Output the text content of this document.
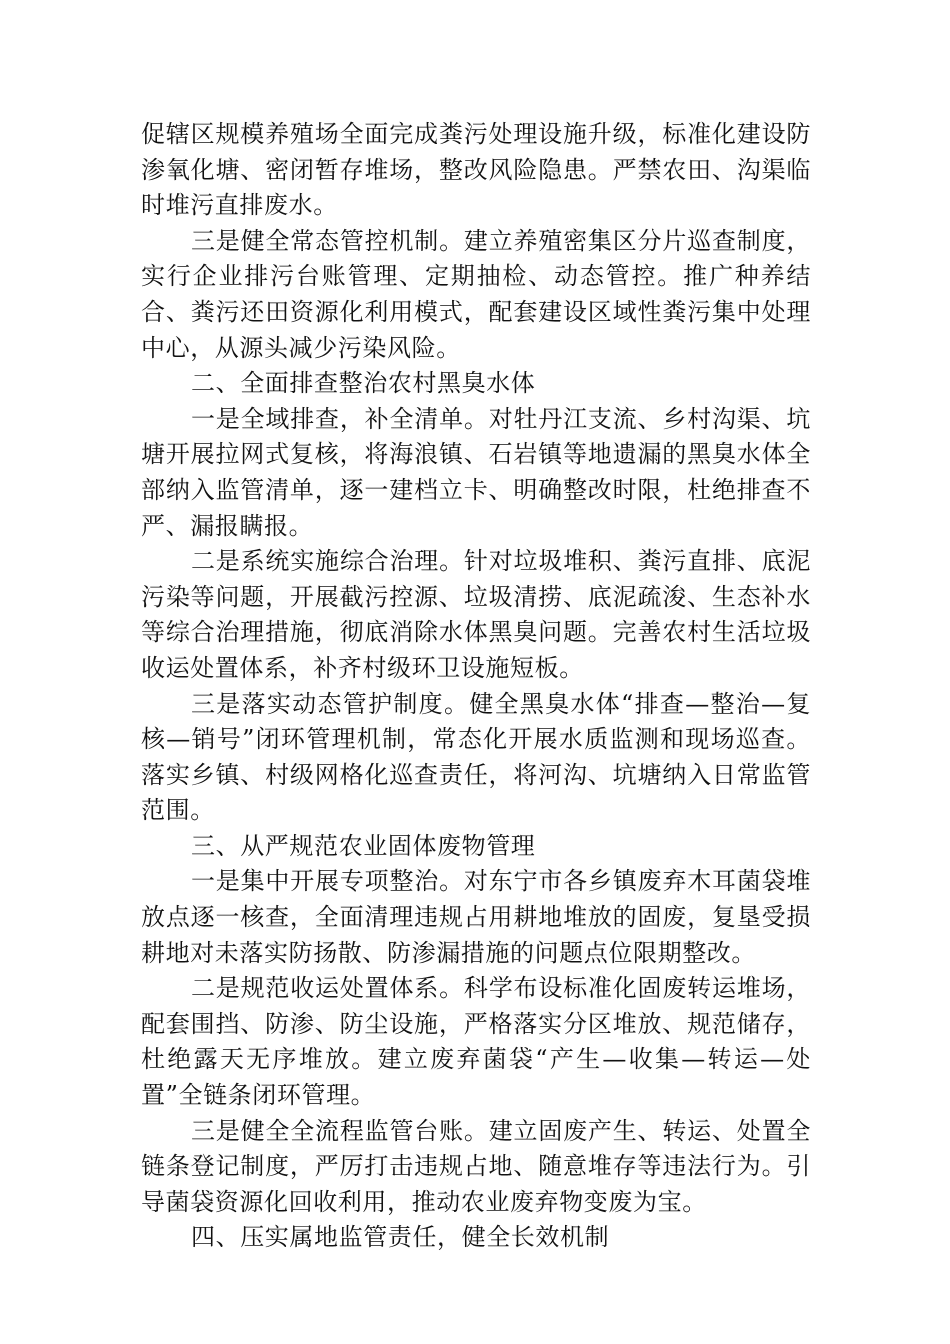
促辖区规模养殖场全面完成粪污处理设施升级，标准化建设防渗氧化塘、密闭暂存堆场，整改风险隐患。严禁农田、沟渠临时堆污直排废水。

三是健全常态管控机制。建立养殖密集区分片巡查制度，实行企业排污台账管理、定期抽检、动态管控。推广种养结合、粪污还田资源化利用模式，配套建设区域性粪污集中处理中心，从源头减少污染风险。

二、全面排查整治农村黑臭水体

一是全域排查，补全清单。对牡丹江支流、乡村沟渠、坑塘开展拉网式复核，将海浪镇、石岩镇等地遗漏的黑臭水体全部纳入监管清单，逐一建档立卡、明确整改时限，杜绝排查不严、漏报瞒报。

二是系统实施综合治理。针对垃圾堆积、粪污直排、底泥污染等问题，开展截污控源、垃圾清捞、底泥疏浚、生态补水等综合治理措施，彻底消除水体黑臭问题。完善农村生活垃圾收运处置体系，补齐村级环卫设施短板。

三是落实动态管护制度。健全黑臭水体“排查—整治—复核—销号”闭环管理机制，常态化开展水质监测和现场巡查。落实乡镇、村级网格化巡查责任，将河沟、坑塘纳入日常监管范围。

三、从严规范农业固体废物管理

一是集中开展专项整治。对东宁市各乡镇废弃木耳菌袋堆放点逐一核查，全面清理违规占用耕地堆放的固废，复垦受损耕地对未落实防扬散、防渗漏措施的问题点位限期整改。

二是规范收运处置体系。科学布设标准化固废转运堆场，配套围挡、防渗、防尘设施，严格落实分区堆放、规范储存，杜绝露天无序堆放。建立废弃菌袋“产生—收集—转运—处置”全链条闭环管理。

三是健全全流程监管台账。建立固废产生、转运、处置全链条登记制度，严厉打击违规占地、随意堆存等违法行为。引导菌袋资源化回收利用，推动农业废弃物变废为宝。

四、压实属地监管责任，健全长效机制
